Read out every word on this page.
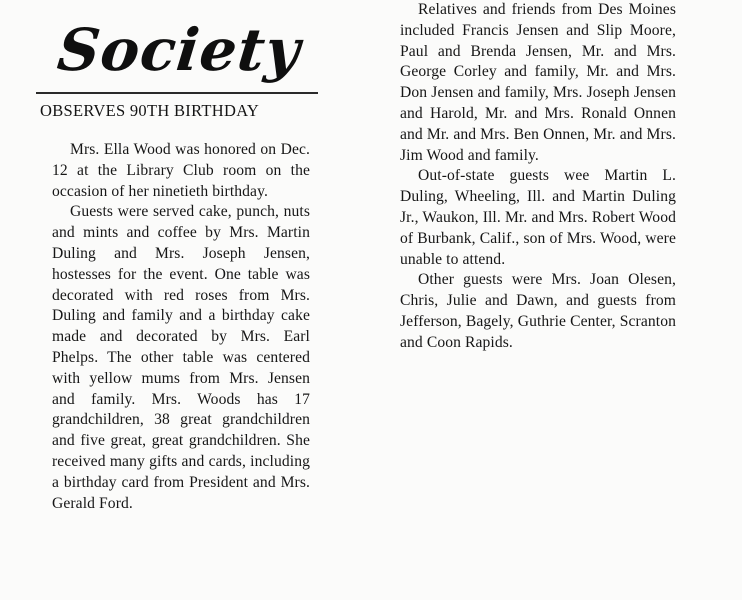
Society
OBSERVES 90TH BIRTHDAY

Mrs. Ella Wood was honored on Dec. 12 at the Library Club room on the occasion of her ninetieth birthday.

Guests were served cake, punch, nuts and mints and coffee by Mrs. Martin Duling and Mrs. Joseph Jensen, hostesses for the event. One table was decorated with red roses from Mrs. Duling and family and a birthday cake made and decorated by Mrs. Earl Phelps. The other table was centered with yellow mums from Mrs. Jensen and family. Mrs. Woods has 17 grandchildren, 38 great grandchildren and five great, great grandchildren. She received many gifts and cards, including a birthday card from President and Mrs. Gerald Ford.

Relatives and friends from Des Moines included Francis Jensen and Slip Moore, Paul and Brenda Jensen, Mr. and Mrs. George Corley and family, Mr. and Mrs. Don Jensen and family, Mrs. Joseph Jensen and Harold, Mr. and Mrs. Ronald Onnen and Mr. and Mrs. Ben Onnen, Mr. and Mrs. Jim Wood and family.

Out-of-state guests wee Martin L. Duling, Wheeling, Ill. and Martin Duling Jr., Waukon, Ill. Mr. and Mrs. Robert Wood of Burbank, Calif., son of Mrs. Wood, were unable to attend.

Other guests were Mrs. Joan Olesen, Chris, Julie and Dawn, and guests from Jefferson, Bagely, Guthrie Center, Scranton and Coon Rapids.
